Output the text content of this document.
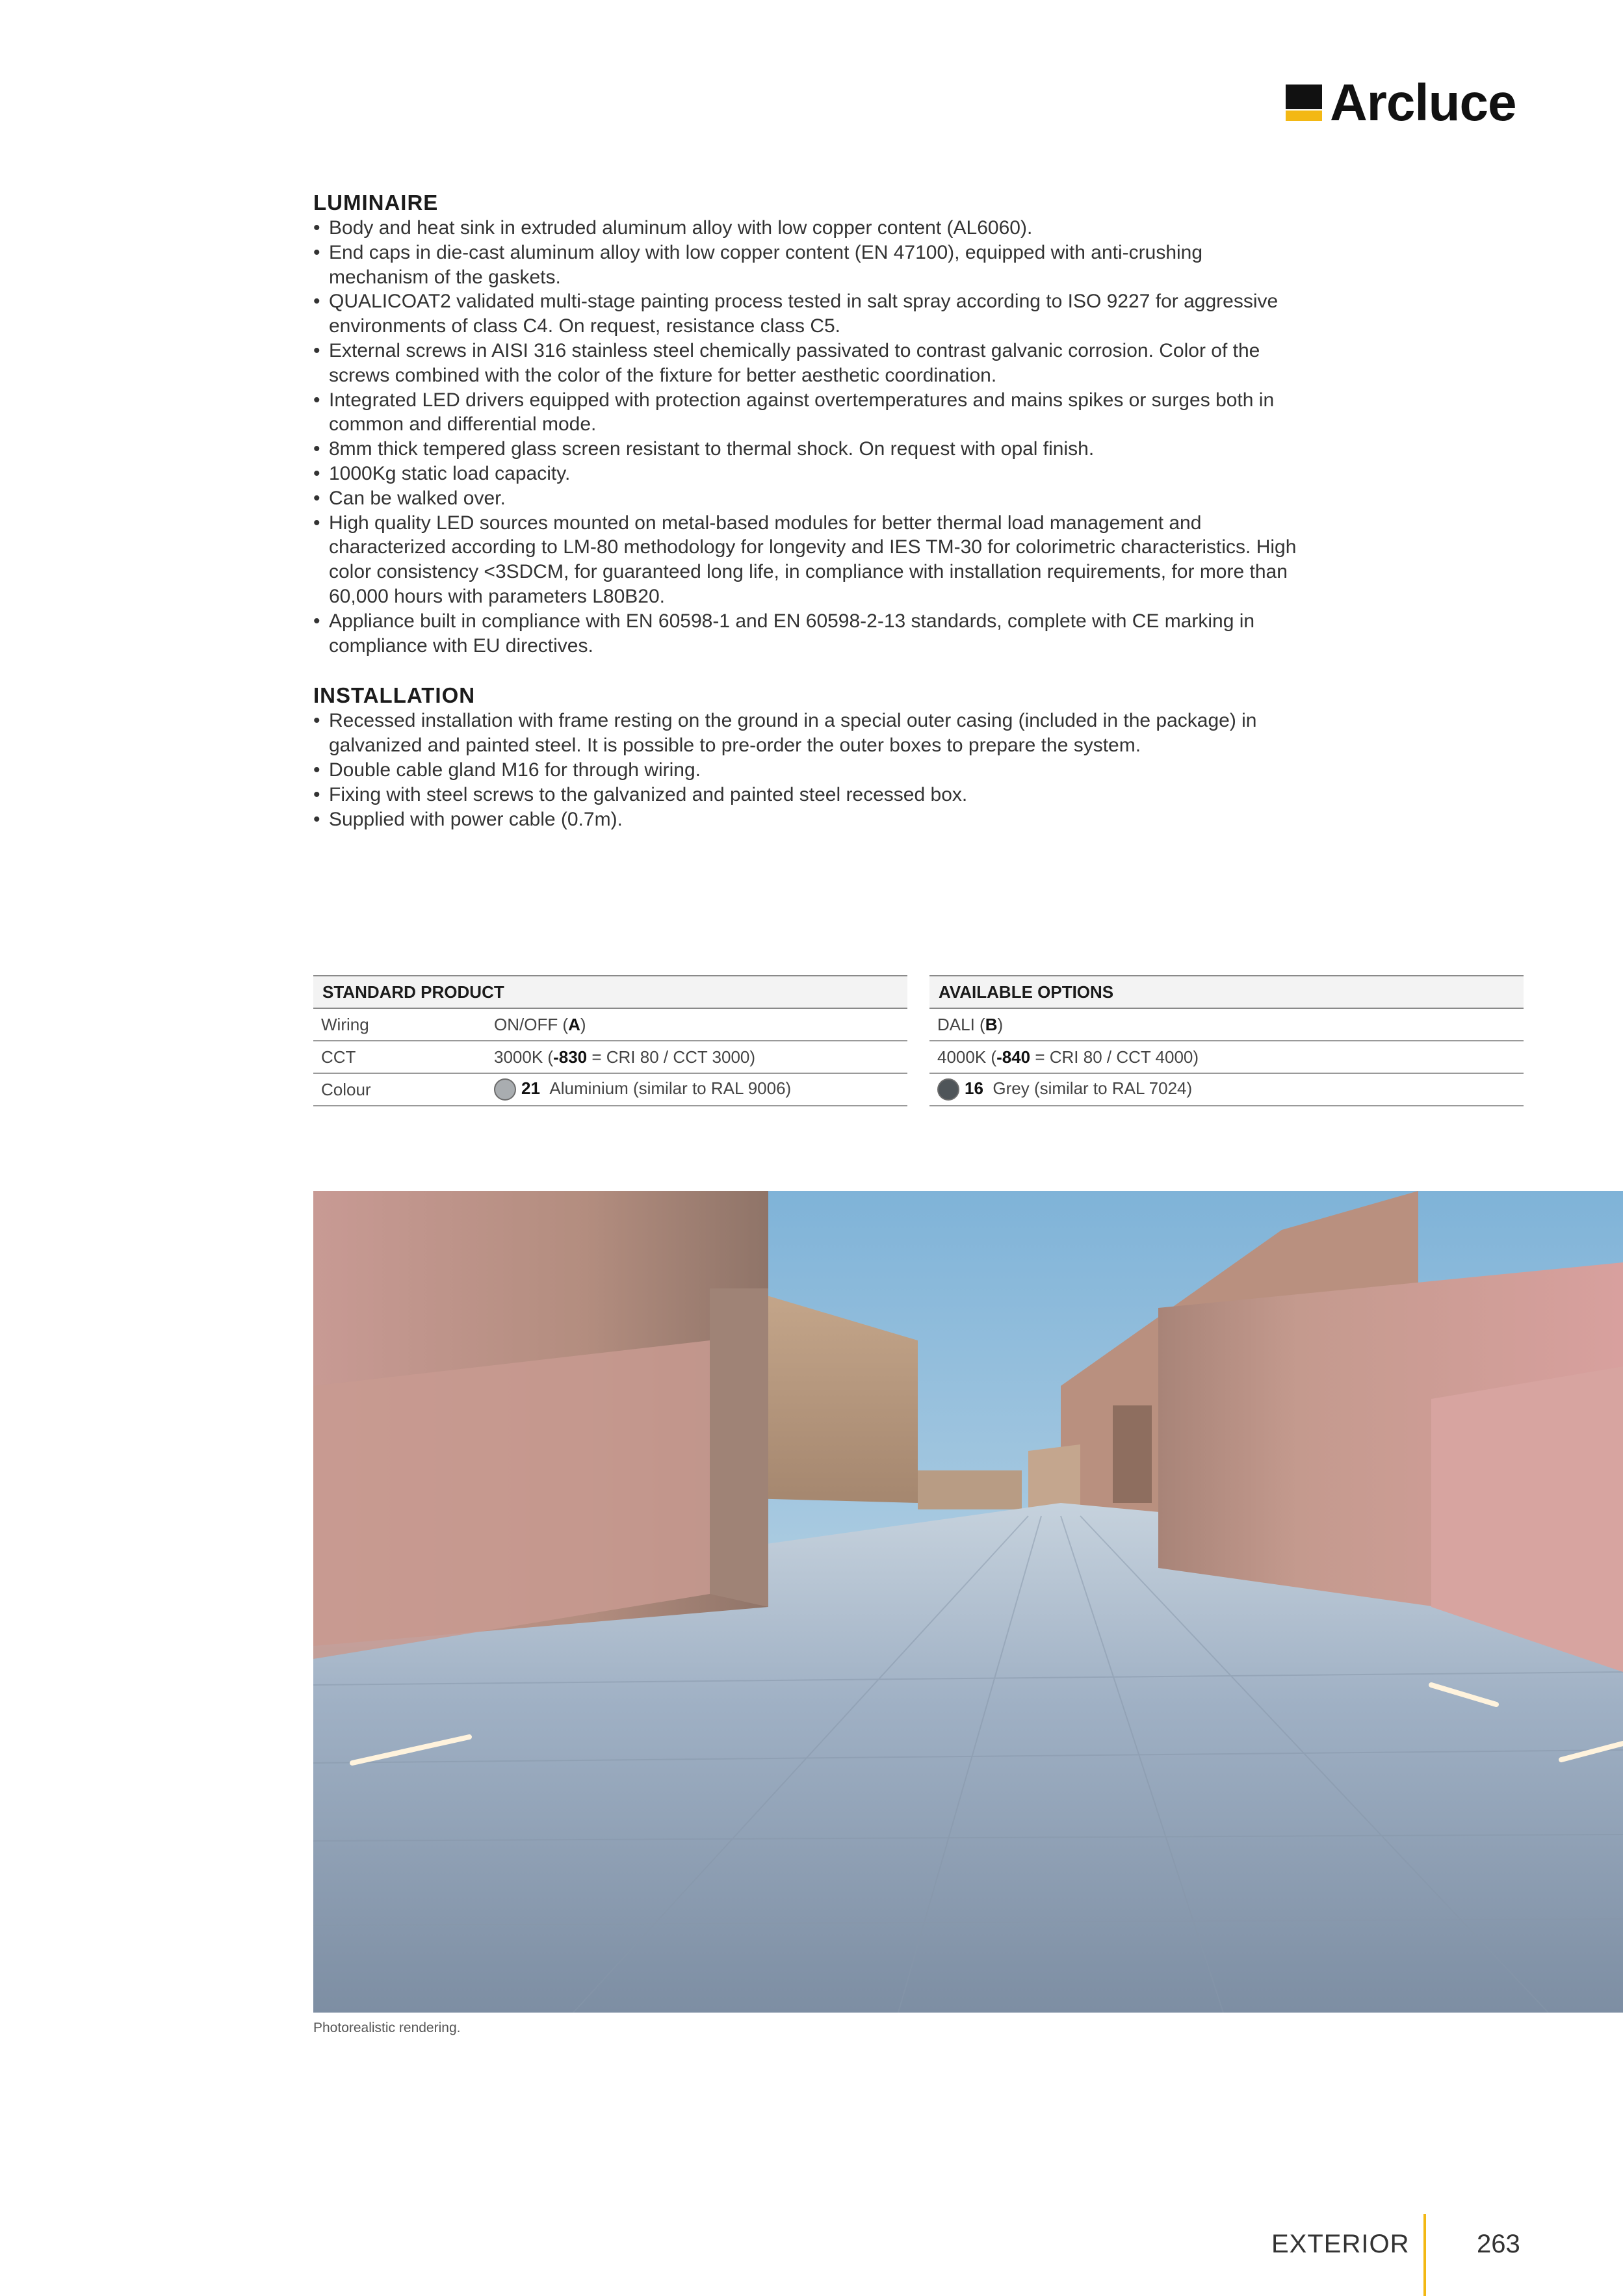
Arcluce
LUMINAIRE
• Body and heat sink in extruded aluminum alloy with low copper content (AL6060).
• End caps in die-cast aluminum alloy with low copper content (EN 47100), equipped with anti-crushing mechanism of the gaskets.
• QUALICOAT2 validated multi-stage painting process tested in salt spray according to ISO 9227 for aggressive environments of class C4. On request, resistance class C5.
• External screws in AISI 316 stainless steel chemically passivated to contrast galvanic corrosion. Color of the screws combined with the color of the fixture for better aesthetic coordination.
• Integrated LED drivers equipped with protection against overtemperatures and mains spikes or surges both in common and differential mode.
• 8mm thick tempered glass screen resistant to thermal shock. On request with opal finish.
• 1000Kg static load capacity.
• Can be walked over.
• High quality LED sources mounted on metal-based modules for better thermal load management and characterized according to LM-80 methodology for longevity and IES TM-30 for colorimetric characteristics. High color consistency <3SDCM, for guaranteed long life, in compliance with installation requirements, for more than 60,000 hours with parameters L80B20.
• Appliance built in compliance with EN 60598-1 and EN 60598-2-13 standards, complete with CE marking in compliance with EU directives.
INSTALLATION
• Recessed installation with frame resting on the ground in a special outer casing (included in the package) in galvanized and painted steel. It is possible to pre-order the outer boxes to prepare the system.
• Double cable gland M16 for through wiring.
• Fixing with steel screws to the galvanized and painted steel recessed box.
• Supplied with power cable (0.7m).
STANDARD PRODUCT	
Wiring	ON/OFF (A)
CCT	3000K (-830 = CRI 80 / CCT 3000)
Colour	21 Aluminium (similar to RAL 9006)
AVAILABLE OPTIONS
DALI (B)
4000K (-840 = CRI 80 / CCT 4000)
16 Grey (similar to RAL 7024)
Photorealistic rendering.
EXTERIOR	263
